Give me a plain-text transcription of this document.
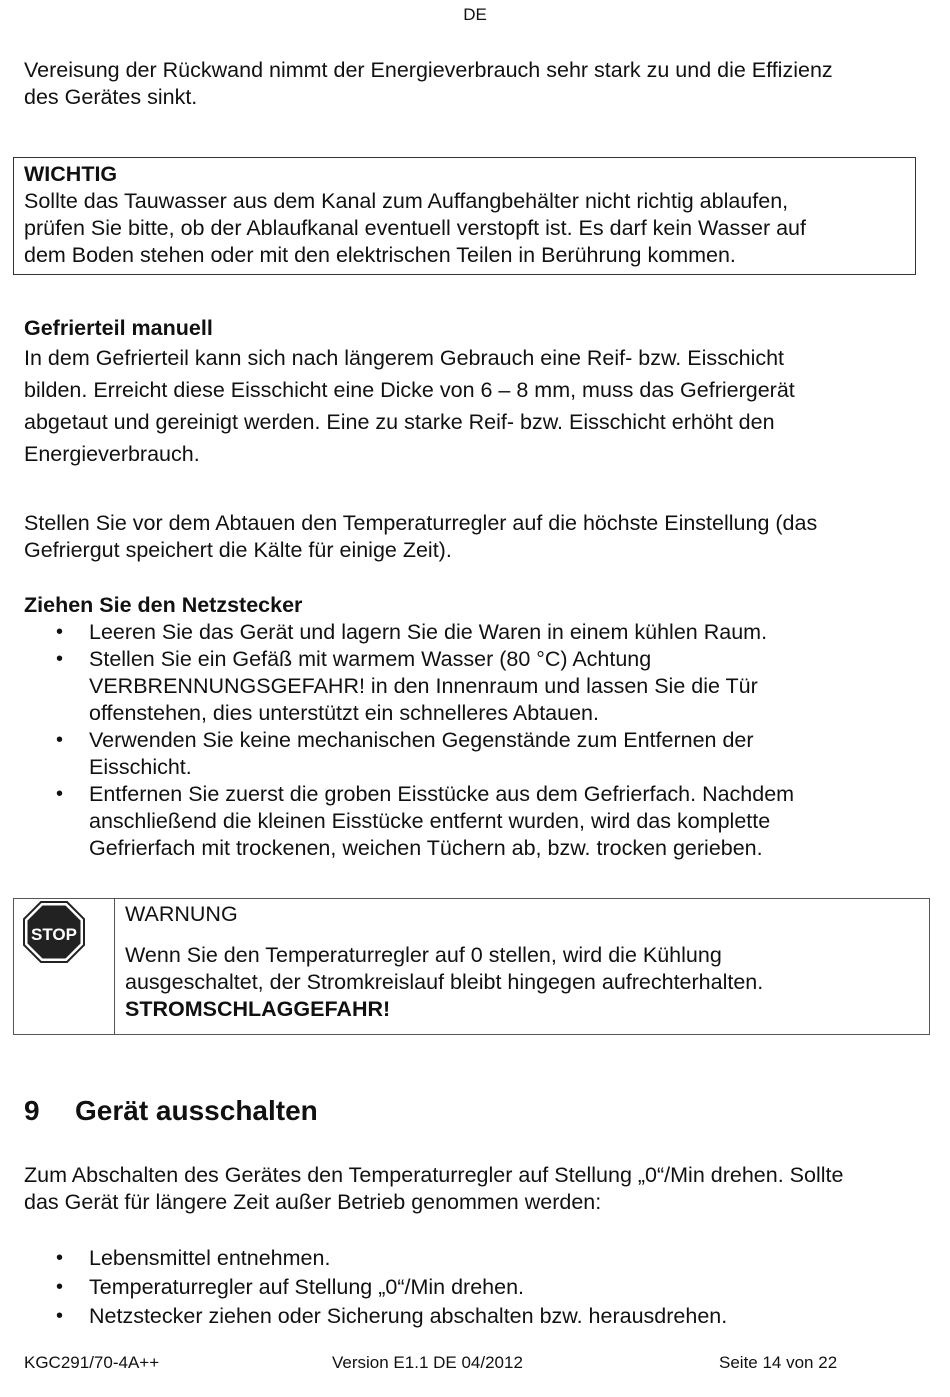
DE
Vereisung der Rückwand nimmt der Energieverbrauch sehr stark zu und die Effizienz
des Gerätes sinkt.
WICHTIG
Sollte das Tauwasser aus dem Kanal zum Auffangbehälter nicht richtig ablaufen,
prüfen Sie bitte, ob der Ablaufkanal eventuell verstopft ist. Es darf kein Wasser auf
dem Boden stehen oder mit den elektrischen Teilen in Berührung kommen.
Gefrierteil manuell
In dem Gefrierteil kann sich nach längerem Gebrauch eine Reif- bzw. Eisschicht
bilden. Erreicht diese Eisschicht eine Dicke von 6 – 8 mm, muss das Gefriergerät
abgetaut und gereinigt werden. Eine zu starke Reif- bzw. Eisschicht erhöht den
Energieverbrauch.
Stellen Sie vor dem Abtauen den Temperaturregler auf die höchste Einstellung (das
Gefriergut speichert die Kälte für einige Zeit).
Ziehen Sie den Netzstecker
• Leeren Sie das Gerät und lagern Sie die Waren in einem kühlen Raum.
• Stellen Sie ein Gefäß mit warmem Wasser (80 °C) Achtung
VERBRENNUNGSGEFAHR! in den Innenraum und lassen Sie die Tür
offenstehen, dies unterstützt ein schnelleres Abtauen.
• Verwenden Sie keine mechanischen Gegenstände zum Entfernen der
Eisschicht.
• Entfernen Sie zuerst die groben Eisstücke aus dem Gefrierfach. Nachdem
anschließend die kleinen Eisstücke entfernt wurden, wird das komplette
Gefrierfach mit trockenen, weichen Tüchern ab, bzw. trocken gerieben.
STOP
WARNUNG
Wenn Sie den Temperaturregler auf 0 stellen, wird die Kühlung
ausgeschaltet, der Stromkreislauf bleibt hingegen aufrechterhalten.
STROMSCHLAGGEFAHR!
9 Gerät ausschalten
Zum Abschalten des Gerätes den Temperaturregler auf Stellung „0“/Min drehen. Sollte
das Gerät für längere Zeit außer Betrieb genommen werden:
• Lebensmittel entnehmen.
• Temperaturregler auf Stellung „0“/Min drehen.
• Netzstecker ziehen oder Sicherung abschalten bzw. herausdrehen.
KGC291/70-4A++	Version E1.1 DE 04/2012	Seite 14 von 22
